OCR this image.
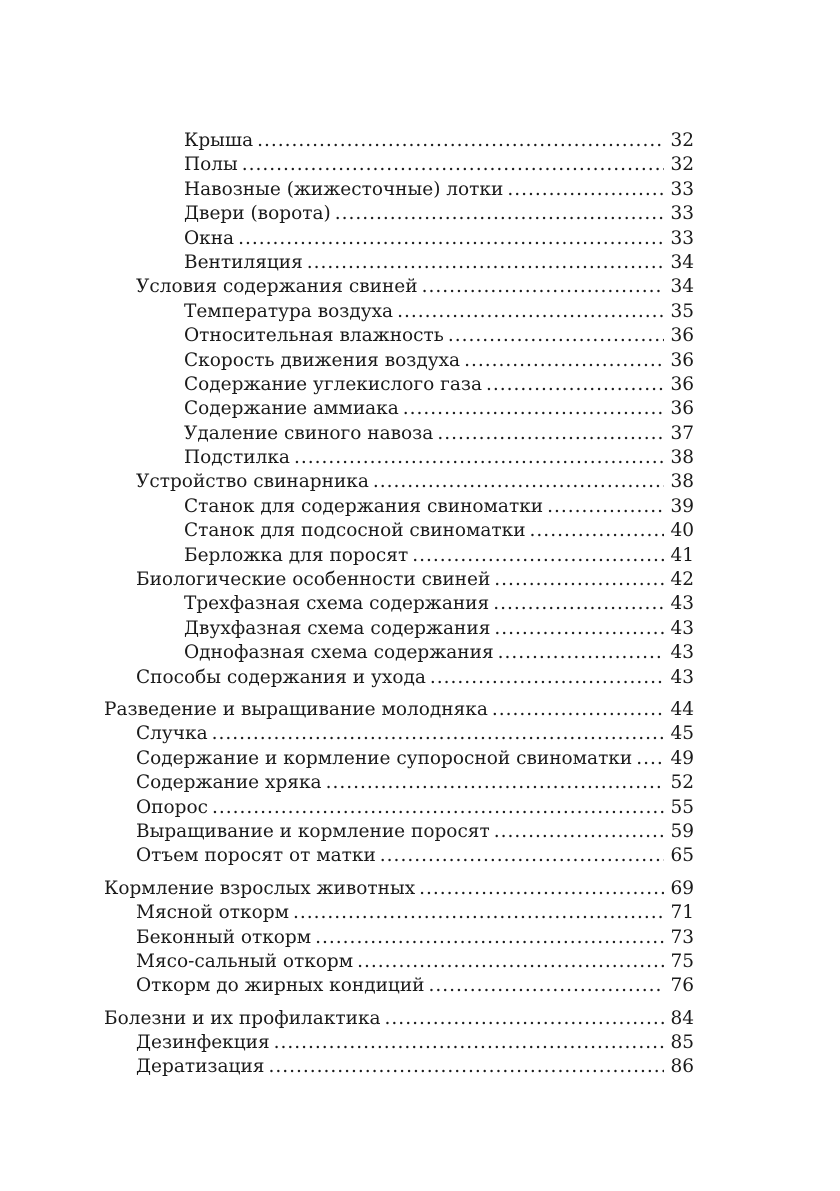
Крыша .....	32
Полы .....	32
Навозные (жижесточные) лотки .....	33
Двери (ворота) .....	33
Окна .....	33
Вентиляция .....	34
Условия содержания свиней .....	34
Температура воздуха .....	35
Относительная влажность .....	36
Скорость движения воздуха .....	36
Содержание углекислого газа .....	36
Содержание аммиака .....	36
Удаление свиного навоза .....	37
Подстилка .....	38
Устройство свинарника .....	38
Станок для содержания свиноматки .....	39
Станок для подсосной свиноматки .....	40
Берложка для поросят .....	41
Биологические особенности свиней .....	42
Трехфазная схема содержания .....	43
Двухфазная схема содержания .....	43
Однофазная схема содержания .....	43
Способы содержания и ухода .....	43
Разведение и выращивание молодняка .....	44
Случка .....	45
Содержание и кормление супоросной свиноматки .....	49
Содержание хряка .....	52
Опорос .....	55
Выращивание и кормление поросят .....	59
Отъем поросят от матки .....	65
Кормление взрослых животных .....	69
Мясной откорм .....	71
Беконный откорм .....	73
Мясо-сальный откорм .....	75
Откорм до жирных кондиций .....	76
Болезни и их профилактика .....	84
Дезинфекция .....	85
Дератизация .....	86
